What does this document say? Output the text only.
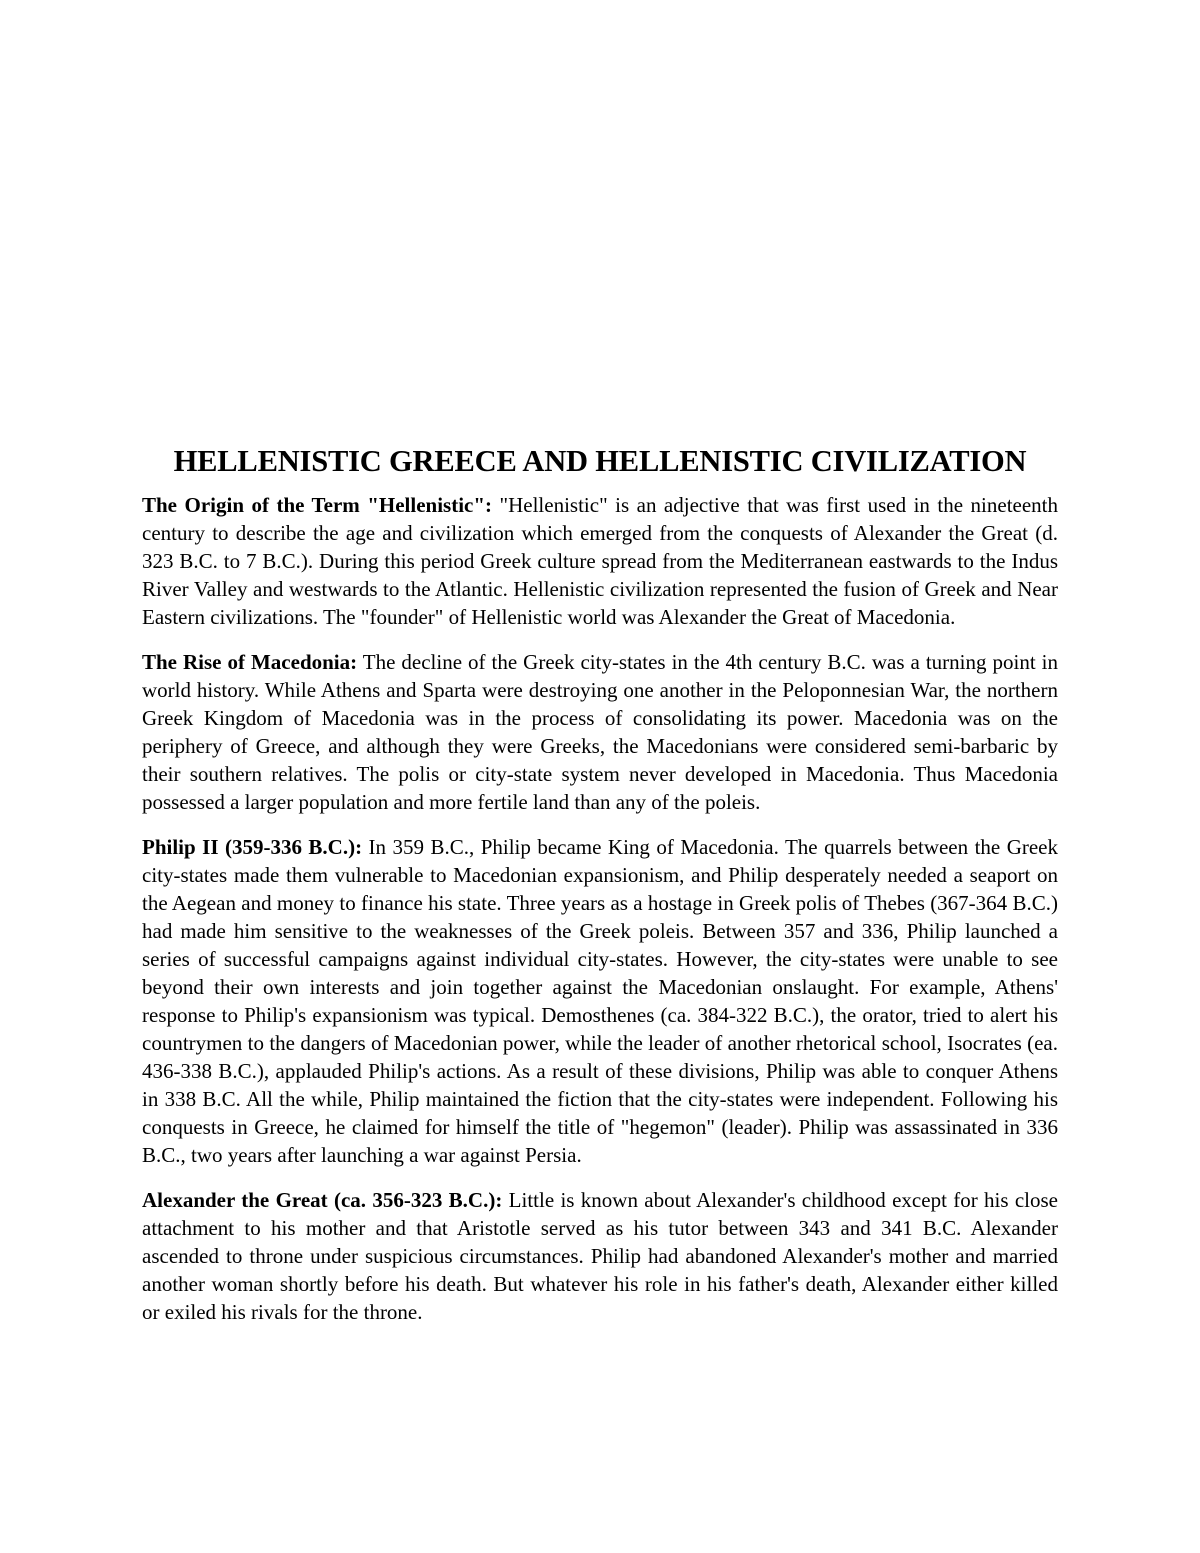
HELLENISTIC GREECE AND HELLENISTIC CIVILIZATION

The Origin of the Term "Hellenistic": "Hellenistic" is an adjective that was first used in the nineteenth century to describe the age and civilization which emerged from the conquests of Alexander the Great (d. 323 B.C. to 7 B.C.). During this period Greek culture spread from the Mediterranean eastwards to the Indus River Valley and westwards to the Atlantic. Hellenistic civilization represented the fusion of Greek and Near Eastern civilizations. The "founder" of Hellenistic world was Alexander the Great of Macedonia.

The Rise of Macedonia: The decline of the Greek city-states in the 4th century B.C. was a turning point in world history. While Athens and Sparta were destroying one another in the Peloponnesian War, the northern Greek Kingdom of Macedonia was in the process of consolidating its power. Macedonia was on the periphery of Greece, and although they were Greeks, the Macedonians were considered semi-barbaric by their southern relatives. The polis or city-state system never developed in Macedonia. Thus Macedonia possessed a larger population and more fertile land than any of the poleis.

Philip II (359-336 B.C.): In 359 B.C., Philip became King of Macedonia. The quarrels between the Greek city-states made them vulnerable to Macedonian expansionism, and Philip desperately needed a seaport on the Aegean and money to finance his state. Three years as a hostage in Greek polis of Thebes (367-364 B.C.) had made him sensitive to the weaknesses of the Greek poleis. Between 357 and 336, Philip launched a series of successful campaigns against individual city-states. However, the city-states were unable to see beyond their own interests and join together against the Macedonian onslaught. For example, Athens' response to Philip's expansionism was typical. Demosthenes (ca. 384-322 B.C.), the orator, tried to alert his countrymen to the dangers of Macedonian power, while the leader of another rhetorical school, Isocrates (ea. 436-338 B.C.), applauded Philip's actions. As a result of these divisions, Philip was able to conquer Athens in 338 B.C. All the while, Philip maintained the fiction that the city-states were independent. Following his conquests in Greece, he claimed for himself the title of "hegemon" (leader). Philip was assassinated in 336 B.C., two years after launching a war against Persia.

Alexander the Great (ca. 356-323 B.C.): Little is known about Alexander's childhood except for his close attachment to his mother and that Aristotle served as his tutor between 343 and 341 B.C. Alexander ascended to throne under suspicious circumstances. Philip had abandoned Alexander's mother and married another woman shortly before his death. But whatever his role in his father's death, Alexander either killed or exiled his rivals for the throne.
